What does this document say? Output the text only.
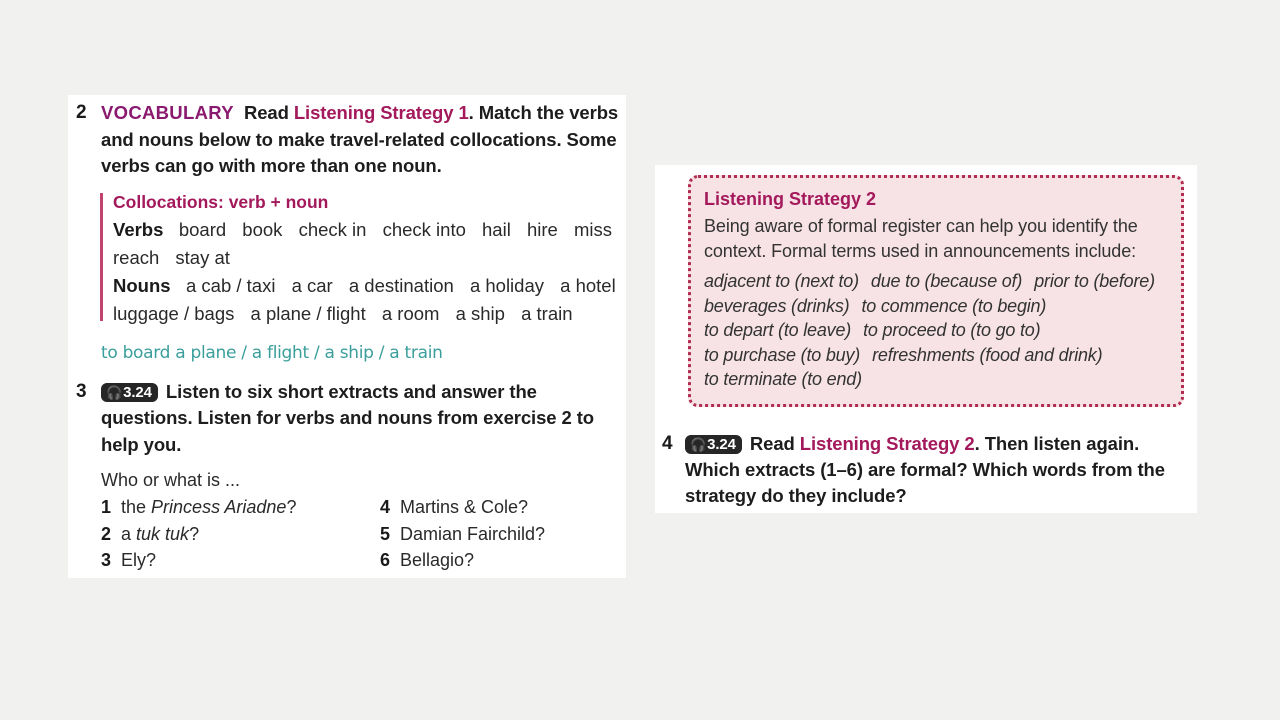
2 VOCABULARY Read Listening Strategy 1. Match the verbs
and nouns below to make travel-related collocations. Some
verbs can go with more than one noun.
Collocations: verb + noun
Verbs board book check in check into hail hire miss
reach stay at
Nouns a cab / taxi a car a destination a holiday a hotel
luggage / bags a plane / flight a room a ship a train
to board a plane / a flight / a ship / a train
3	🎧3.24 Listen to six short extracts and answer the
questions. Listen for verbs and nouns from exercise 2 to
help you.
Who or what is ...
1 the Princess Ariadne?
2 a tuk tuk?
3 Ely?
4 Martins & Cole?
5 Damian Fairchild?
6 Bellagio?
Listening Strategy 2
Being aware of formal register can help you identify the
context. Formal terms used in announcements include:
adjacent to (next to) due to (because of) prior to (before)
beverages (drinks) to commence (to begin)
to depart (to leave) to proceed to (to go to)
to purchase (to buy) refreshments (food and drink)
to terminate (to end)
4	🎧3.24 Read Listening Strategy 2. Then listen again.
Which extracts (1–6) are formal? Which words from the
strategy do they include?
